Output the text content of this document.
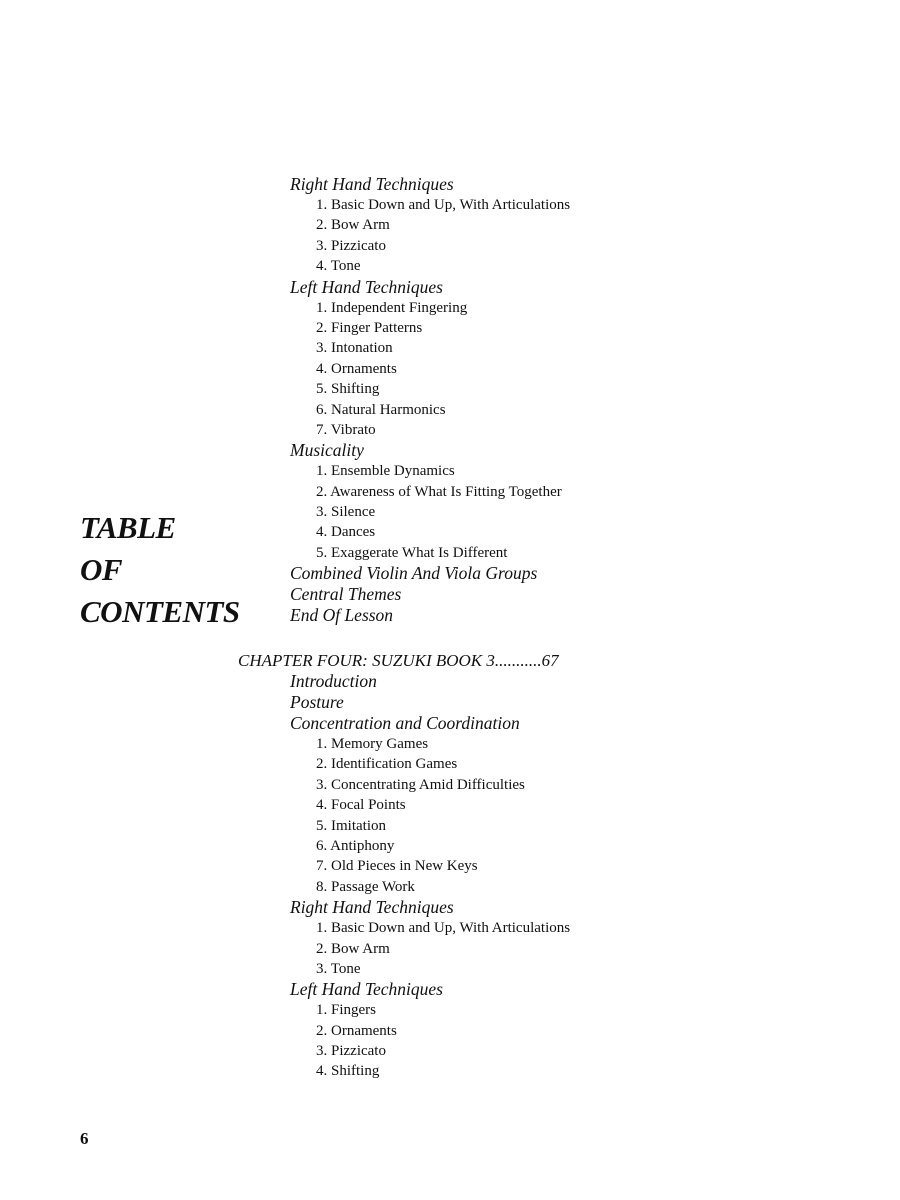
TABLE
OF
CONTENTS
Right Hand Techniques
1. Basic Down and Up, With Articulations
2. Bow Arm
3. Pizzicato
4. Tone
Left Hand Techniques
1. Independent Fingering
2. Finger Patterns
3. Intonation
4. Ornaments
5. Shifting
6. Natural Harmonics
7. Vibrato
Musicality
1. Ensemble Dynamics
2. Awareness of What Is Fitting Together
3. Silence
4. Dances
5. Exaggerate What Is Different
Combined Violin And Viola Groups
Central Themes
End Of Lesson
CHAPTER FOUR: SUZUKI BOOK 3...........67
Introduction
Posture
Concentration and Coordination
1. Memory Games
2. Identification Games
3. Concentrating Amid Difficulties
4. Focal Points
5. Imitation
6. Antiphony
7. Old Pieces in New Keys
8. Passage Work
Right Hand Techniques
1. Basic Down and Up, With Articulations
2. Bow Arm
3. Tone
Left Hand Techniques
1. Fingers
2. Ornaments
3. Pizzicato
4. Shifting
6
